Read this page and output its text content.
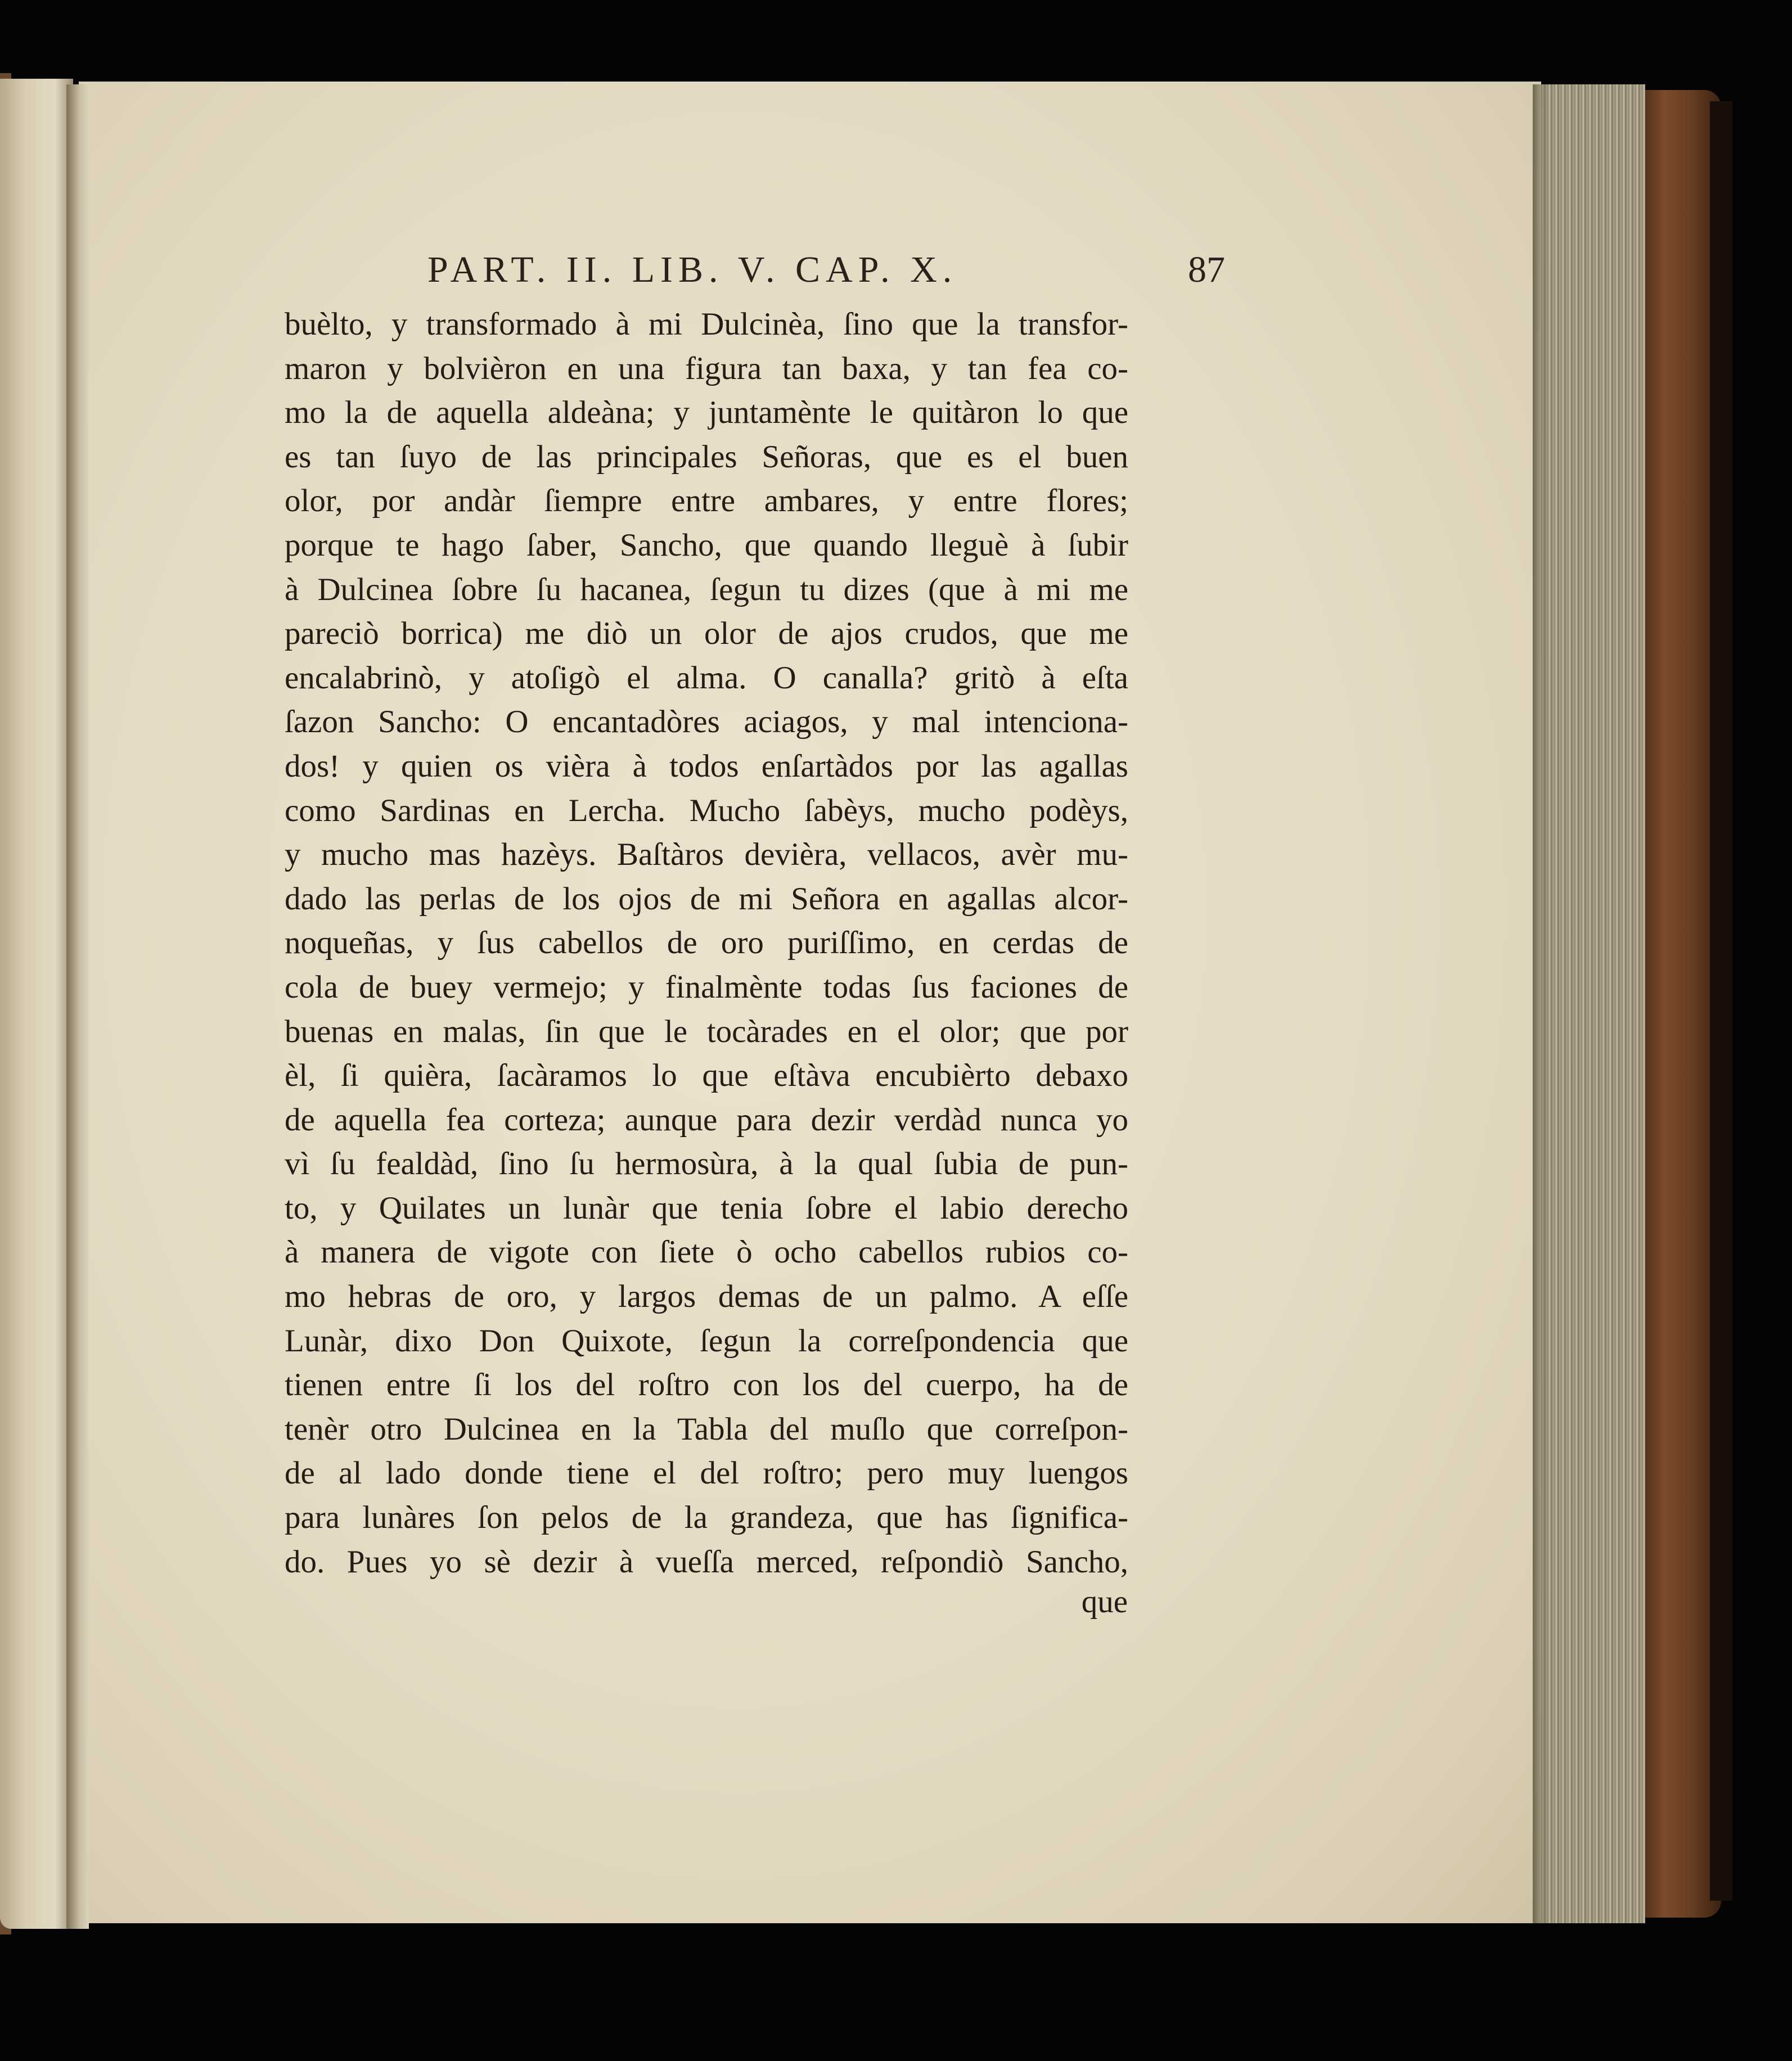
PART. II. LIB. V. CAP. X.	87
buèlto, y transformado à mi Dulcinèa, ſino que la transfor-
maron y bolvièron en una figura tan baxa, y tan fea co-
mo la de aquella aldeàna; y juntamènte le quitàron lo que
es tan ſuyo de las principales Señoras, que es el buen
olor, por andàr ſiempre entre ambares, y entre flores;
porque te hago ſaber, Sancho, que quando lleguè à ſubir
à Dulcinea ſobre ſu hacanea, ſegun tu dizes (que à mi me
pareciò borrica) me diò un olor de ajos crudos, que me
encalabrinò, y atoſigò el alma. O canalla? gritò à eſta
ſazon Sancho: O encantadòres aciagos, y mal intenciona-
dos! y quien os vièra à todos enſartàdos por las agallas
como Sardinas en Lercha. Mucho ſabèys, mucho podèys,
y mucho mas hazèys. Baſtàros devièra, vellacos, avèr mu-
dado las perlas de los ojos de mi Señora en agallas alcor-
noqueñas, y ſus cabellos de oro puriſſimo, en cerdas de
cola de buey vermejo; y finalmènte todas ſus faciones de
buenas en malas, ſin que le tocàrades en el olor; que por
èl, ſi quièra, ſacàramos lo que eſtàva encubièrto debaxo
de aquella fea corteza; aunque para dezir verdàd nunca yo
vì ſu fealdàd, ſino ſu hermosùra, à la qual ſubia de pun-
to, y Quilates un lunàr que tenia ſobre el labio derecho
à manera de vigote con ſiete ò ocho cabellos rubios co-
mo hebras de oro, y largos demas de un palmo. A eſſe
Lunàr, dixo Don Quixote, ſegun la correſpondencia que
tienen entre ſi los del roſtro con los del cuerpo, ha de
tenèr otro Dulcinea en la Tabla del muſlo que correſpon-
de al lado donde tiene el del roſtro; pero muy luengos
para lunàres ſon pelos de la grandeza, que has ſignifica-
do. Pues yo sè dezir à vueſſa merced, reſpondiò Sancho,
que
